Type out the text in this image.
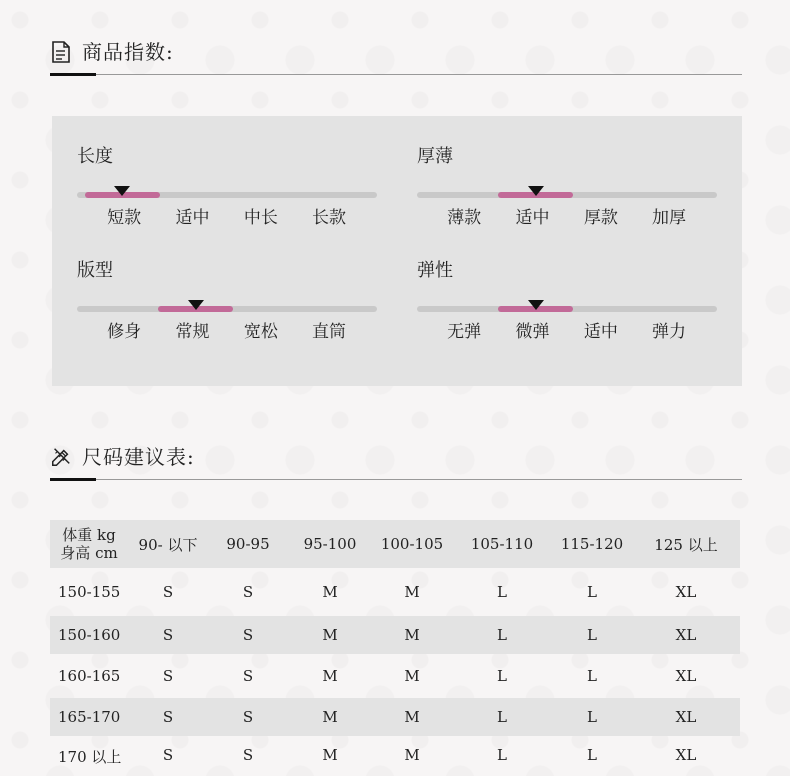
商品指数:
长度
短款	适中	中长	长款
厚薄
薄款	适中	厚款	加厚
版型
修身	常规	宽松	直筒
弹性
无弹	微弹	适中	弹力
尺码建议表:
体重 kg
身高 cm	90- 以下	90-95	95-100	100-105	105-110	115-120	125 以上
150-155	S	S	M	M	L	L	XL
150-160	S	S	M	M	L	L	XL
160-165	S	S	M	M	L	L	XL
165-170	S	S	M	M	L	L	XL
170 以上	S	S	M	M	L	L	XL
